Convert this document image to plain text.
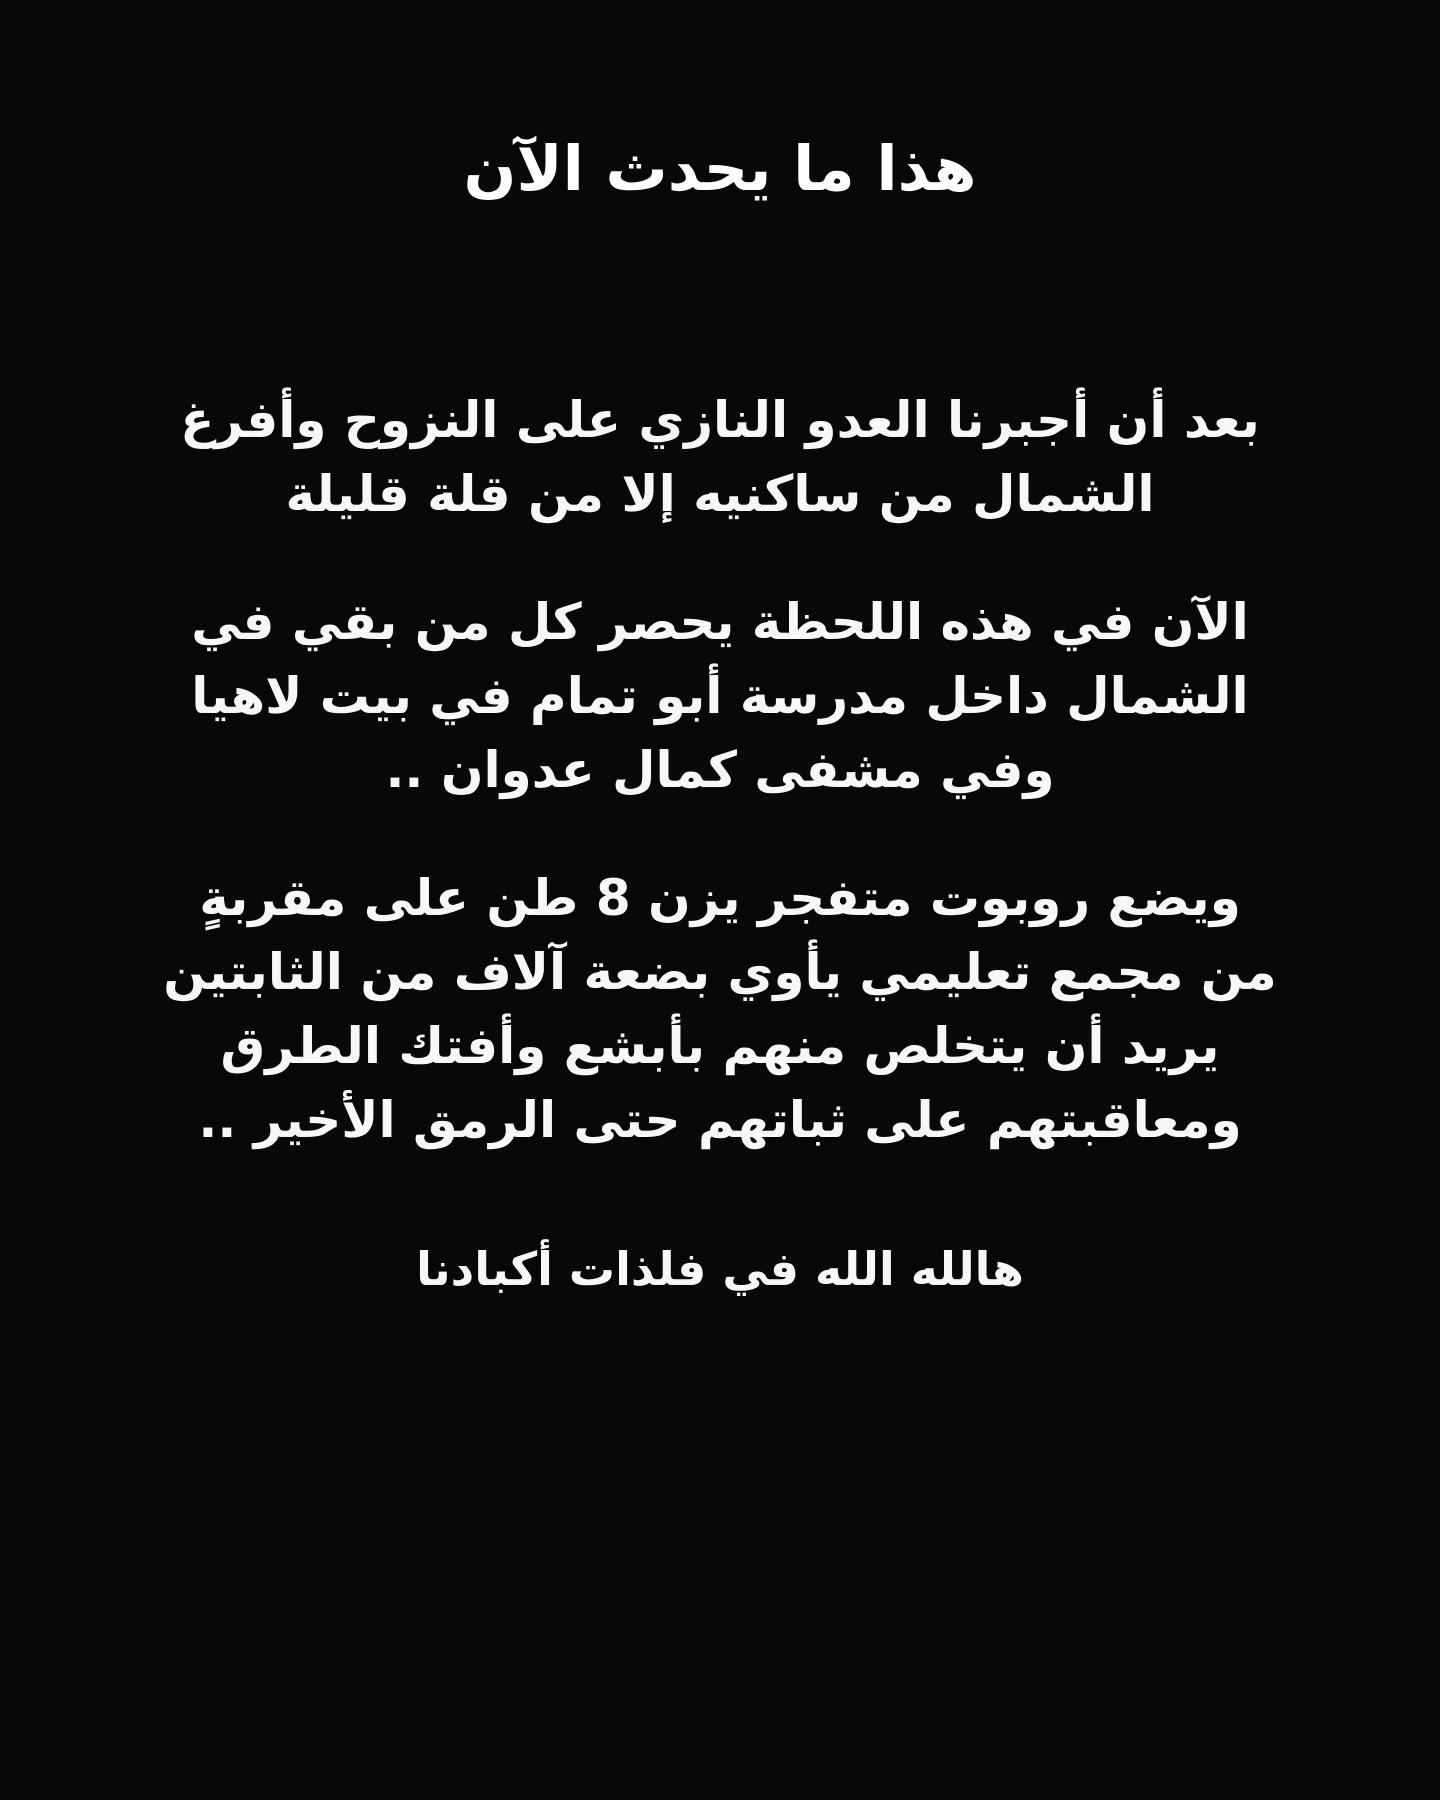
هذا ما يحدث الآن

بعد أن أجبرنا العدو النازي على النزوح وأفرغ الشمال من ساكنيه إلا من قلة قليلة

الآن في هذه اللحظة يحصر كل من بقي في الشمال داخل مدرسة أبو تمام في بيت لاهيا وفي مشفى كمال عدوان ..

ويضع روبوت متفجر يزن 8 طن على مقربةٍ من مجمع تعليمي يأوي بضعة آلاف من الثابتين يريد أن يتخلص منهم بأبشع وأفتك الطرق ومعاقبتهم على ثباتهم حتى الرمق الأخير ..

هالله الله في فلذات أكبادنا
